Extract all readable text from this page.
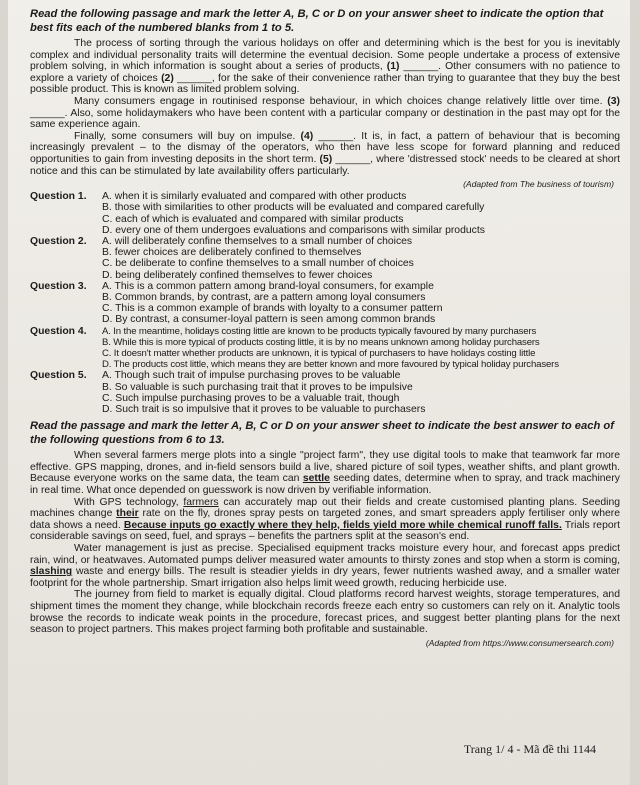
Read the following passage and mark the letter A, B, C or D on your answer sheet to indicate the option that best fits each of the numbered blanks from 1 to 5.

The process of sorting through the various holidays on offer and determining which is the best for you is inevitably complex and individual personality traits will determine the eventual decision. Some people undertake a process of extensive problem solving, in which information is sought about a series of products, (1) ______. Other consumers with no patience to explore a variety of choices (2) ______, for the sake of their convenience rather than trying to guarantee that they buy the best possible product. This is known as limited problem solving.

Many consumers engage in routinised response behaviour, in which choices change relatively little over time. (3) ______. Also, some holidaymakers who have been content with a particular company or destination in the past may opt for the same experience again.

Finally, some consumers will buy on impulse. (4) ______. It is, in fact, a pattern of behaviour that is becoming increasingly prevalent – to the dismay of the operators, who then have less scope for forward planning and reduced opportunities to gain from investing deposits in the short term. (5) ______, where 'distressed stock' needs to be cleared at short notice and this can be stimulated by late availability offers particularly.

(Adapted from The business of tourism)

Question 1.	A. when it is similarly evaluated and compared with other products
B. those with similarities to other products will be evaluated and compared carefully
C. each of which is evaluated and compared with similar products
D. every one of them undergoes evaluations and comparisons with similar products
Question 2.	A. will deliberately confine themselves to a small number of choices
B. fewer choices are deliberately confined to themselves
C. be deliberate to confine themselves to a small number of choices
D. being deliberately confined themselves to fewer choices
Question 3.	A. This is a common pattern among brand-loyal consumers, for example
B. Common brands, by contrast, are a pattern among loyal consumers
C. This is a common example of brands with loyalty to a consumer pattern
D. By contrast, a consumer-loyal pattern is seen among common brands
Question 4.	A. In the meantime, holidays costing little are known to be products typically favoured by many purchasers
B. While this is more typical of products costing little, it is by no means unknown among holiday purchasers
C. It doesn't matter whether products are unknown, it is typical of purchasers to have holidays costing little
D. The products cost little, which means they are better known and more favoured by typical holiday purchasers
Question 5.	A. Though such trait of impulse purchasing proves to be valuable
B. So valuable is such purchasing trait that it proves to be impulsive
C. Such impulse purchasing proves to be a valuable trait, though
D. Such trait is so impulsive that it proves to be valuable to purchasers

Read the passage and mark the letter A, B, C or D on your answer sheet to indicate the best answer to each of the following questions from 6 to 13.

When several farmers merge plots into a single "project farm", they use digital tools to make that teamwork far more effective. GPS mapping, drones, and in-field sensors build a live, shared picture of soil types, weather shifts, and plant growth. Because everyone works on the same data, the team can settle seeding dates, determine when to spray, and track machinery in real time. What once depended on guesswork is now driven by verifiable information.

With GPS technology, farmers can accurately map out their fields and create customised planting plans. Seeding machines change their rate on the fly, drones spray pests on targeted zones, and smart spreaders apply fertiliser only where data shows a need. Because inputs go exactly where they help, fields yield more while chemical runoff falls. Trials report considerable savings on seed, fuel, and sprays – benefits the partners split at the season's end.

Water management is just as precise. Specialised equipment tracks moisture every hour, and forecast apps predict rain, wind, or heatwaves. Automated pumps deliver measured water amounts to thirsty zones and stop when a storm is coming, slashing waste and energy bills. The result is steadier yields in dry years, fewer nutrients washed away, and a smaller water footprint for the whole partnership. Smart irrigation also helps limit weed growth, reducing herbicide use.

The journey from field to market is equally digital. Cloud platforms record harvest weights, storage temperatures, and shipment times the moment they change, while blockchain records freeze each entry so customers can rely on it. Analytic tools browse the records to indicate weak points in the procedure, forecast prices, and suggest better planting plans for the next season to project partners. This makes project farming both profitable and sustainable.

(Adapted from https://www.consumersearch.com)

Trang 1/ 4 - Mã đề thi 1144
